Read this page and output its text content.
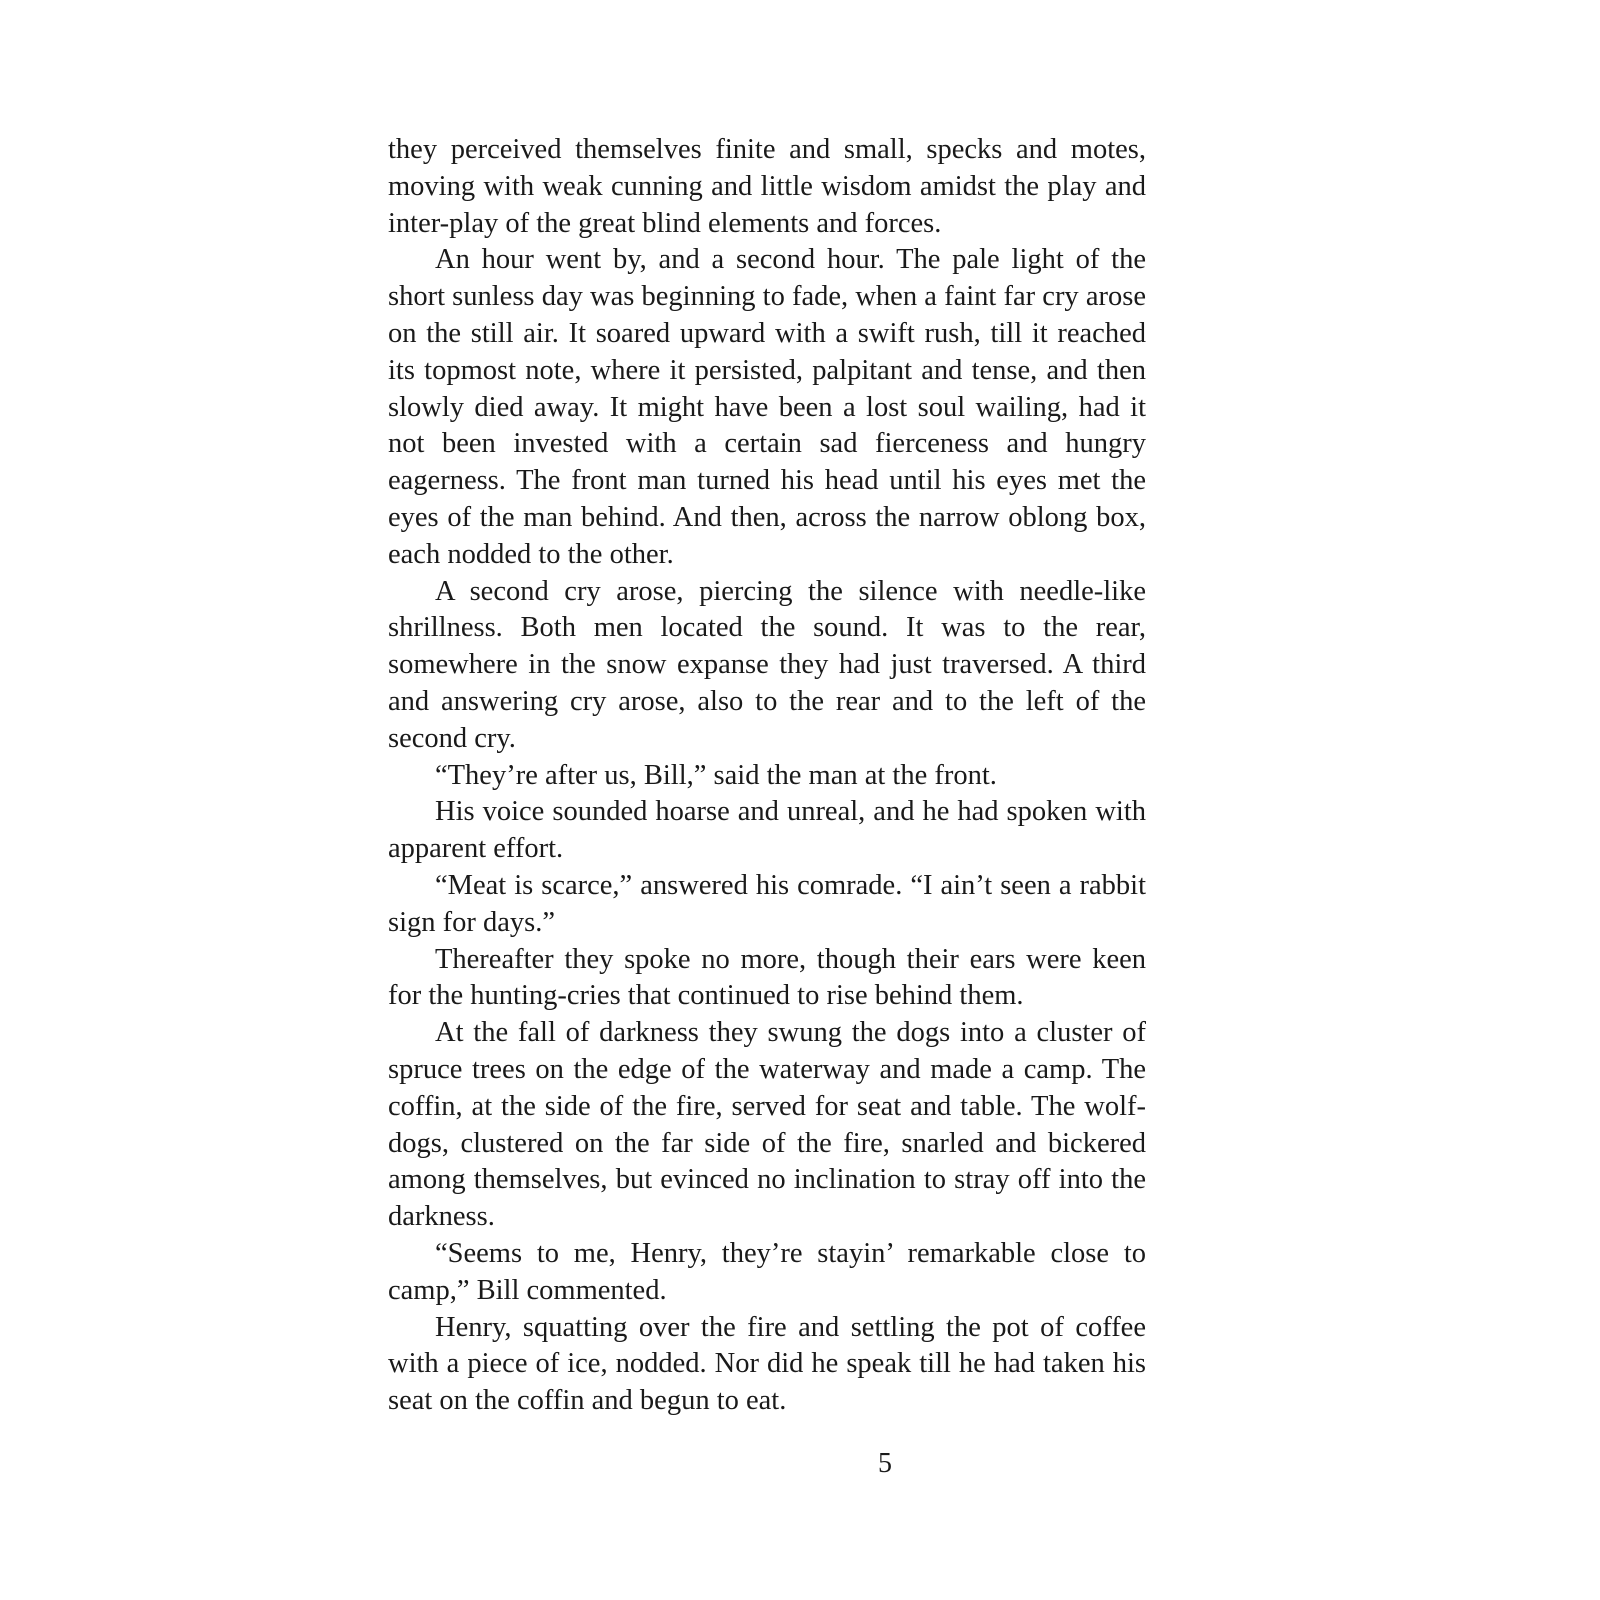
they perceived themselves finite and small, specks and motes, moving with weak cunning and little wisdom amidst the play and inter-play of the great blind elements and forces.

An hour went by, and a second hour. The pale light of the short sunless day was beginning to fade, when a faint far cry arose on the still air. It soared upward with a swift rush, till it reached its topmost note, where it persisted, palpitant and tense, and then slowly died away. It might have been a lost soul wailing, had it not been invested with a certain sad fierceness and hungry eagerness. The front man turned his head until his eyes met the eyes of the man behind. And then, across the narrow oblong box, each nodded to the other.

A second cry arose, piercing the silence with needle-like shrillness. Both men located the sound. It was to the rear, somewhere in the snow expanse they had just traversed. A third and answering cry arose, also to the rear and to the left of the second cry.

“They’re after us, Bill,” said the man at the front.

His voice sounded hoarse and unreal, and he had spoken with apparent effort.

“Meat is scarce,” answered his comrade. “I ain’t seen a rabbit sign for days.”

Thereafter they spoke no more, though their ears were keen for the hunting-cries that continued to rise behind them.

At the fall of darkness they swung the dogs into a cluster of spruce trees on the edge of the waterway and made a camp. The coffin, at the side of the fire, served for seat and table. The wolf-dogs, clustered on the far side of the fire, snarled and bickered among themselves, but evinced no inclination to stray off into the darkness.

“Seems to me, Henry, they’re stayin’ remarkable close to camp,” Bill commented.

Henry, squatting over the fire and settling the pot of coffee with a piece of ice, nodded. Nor did he speak till he had taken his seat on the coffin and begun to eat.

5
